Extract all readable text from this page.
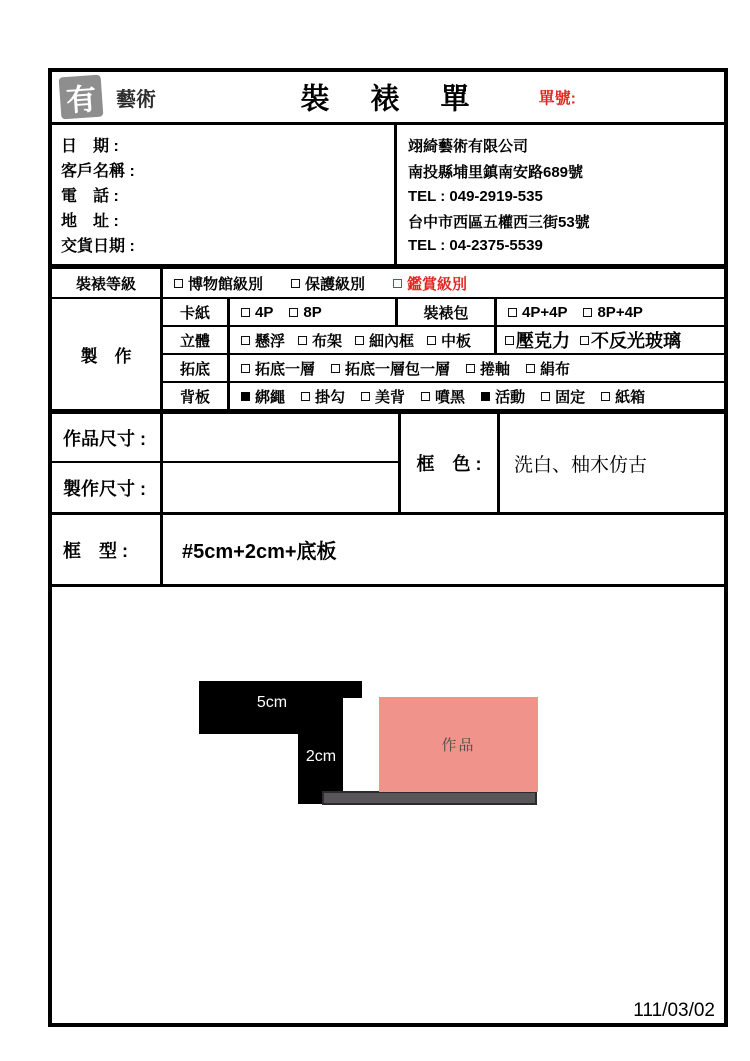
有 藝術	裝　裱　單	單號:
日　期 :
客戶名稱 :
電　話 :
地　址 :
交貨日期 :
翊綺藝術有限公司
南投縣埔里鎮南安路689號
TEL : 049-2919-535
台中市西區五權西三街53號
TEL : 04-2375-5539
裝裱等級	博物館級別	保護級別	鑑賞級別
製　作
卡紙	4P 8P	裝裱包	4P+4P 8P+4P
立體	懸浮 布架 細內框 中板 壓克力 不反光玻璃
拓底	拓底一層 拓底一層包一層 捲軸 絹布
背板	綁繩 掛勾 美背 噴黑 活動 固定 紙箱
作品尺寸 :
製作尺寸 :
框　色 :	洗白、柚木仿古
框　型 :	#5cm+2cm+底板
作品
5cm
2cm
111/03/02
